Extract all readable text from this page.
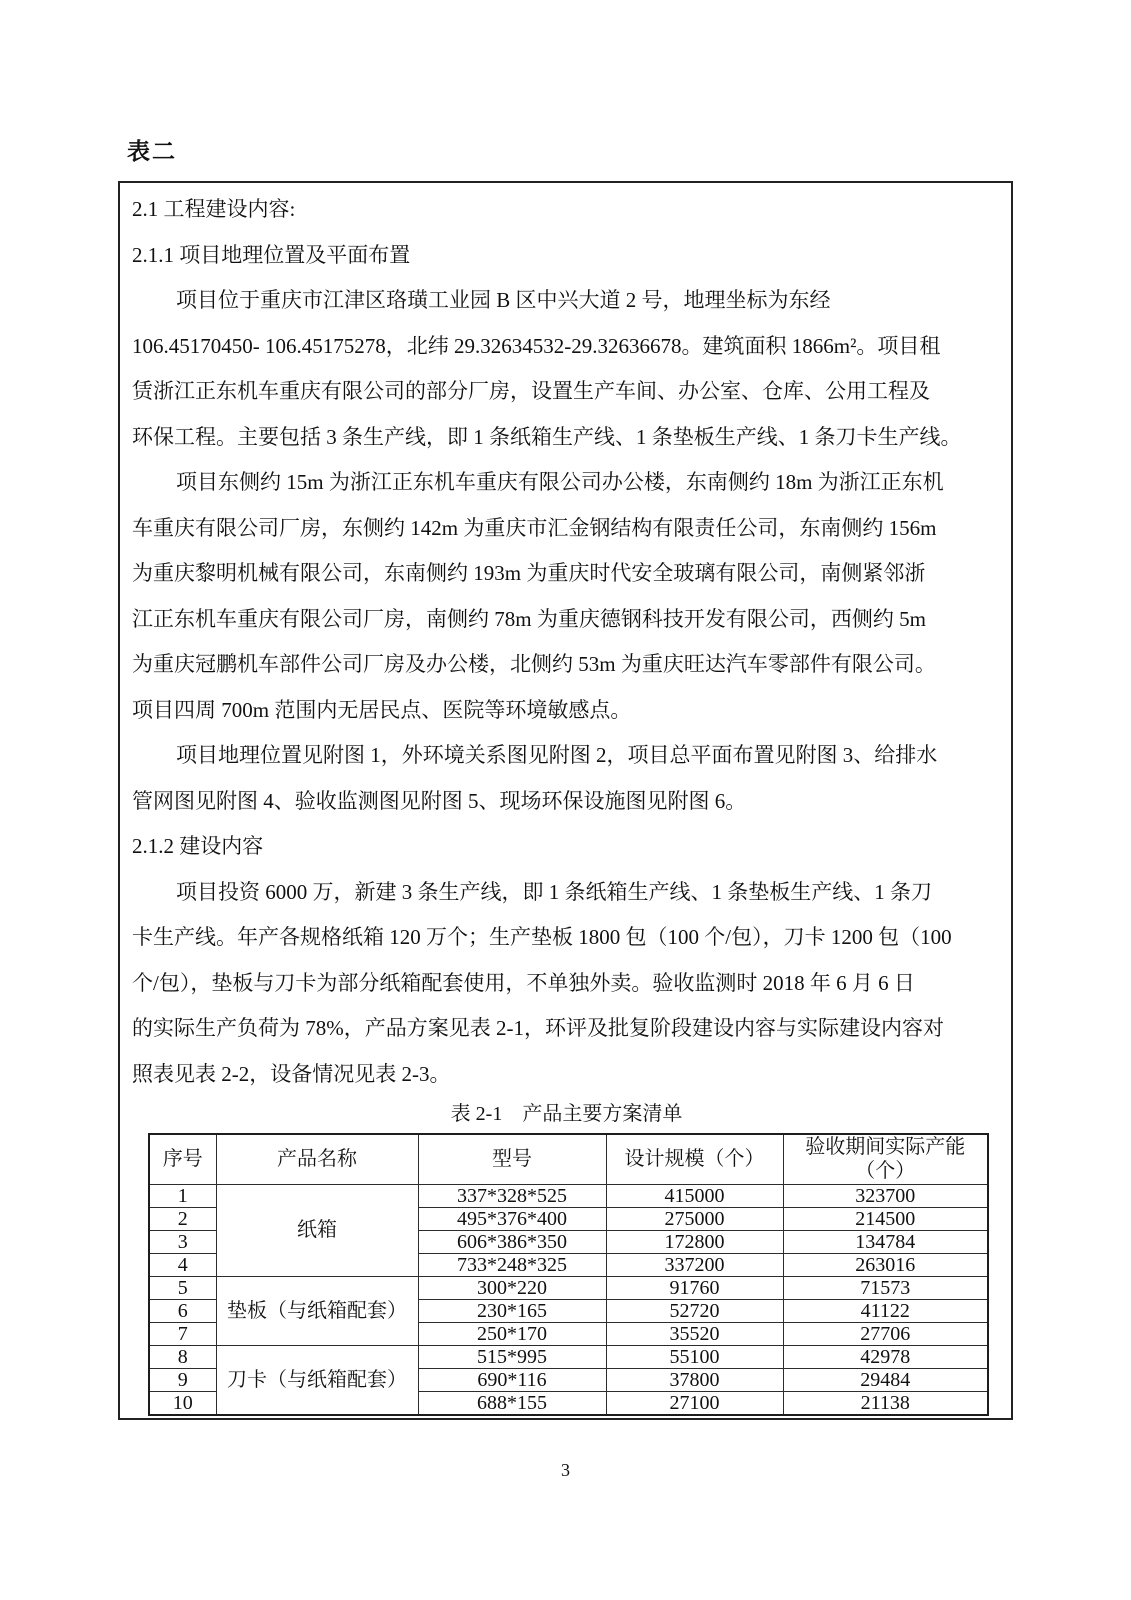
表二
2.1 工程建设内容:
2.1.1 项目地理位置及平面布置
项目位于重庆市江津区珞璜工业园 B 区中兴大道 2 号，地理坐标为东经
106.45170450- 106.45175278，北纬 29.32634532-29.32636678。建筑面积 1866m²。项目租
赁浙江正东机车重庆有限公司的部分厂房，设置生产车间、办公室、仓库、公用工程及
环保工程。主要包括 3 条生产线，即 1 条纸箱生产线、1 条垫板生产线、1 条刀卡生产线。
项目东侧约 15m 为浙江正东机车重庆有限公司办公楼，东南侧约 18m 为浙江正东机
车重庆有限公司厂房，东侧约 142m 为重庆市汇金钢结构有限责任公司，东南侧约 156m
为重庆黎明机械有限公司，东南侧约 193m 为重庆时代安全玻璃有限公司，南侧紧邻浙
江正东机车重庆有限公司厂房，南侧约 78m 为重庆德钢科技开发有限公司，西侧约 5m
为重庆冠鹏机车部件公司厂房及办公楼，北侧约 53m 为重庆旺达汽车零部件有限公司。
项目四周 700m 范围内无居民点、医院等环境敏感点。
项目地理位置见附图 1，外环境关系图见附图 2，项目总平面布置见附图 3、给排水
管网图见附图 4、验收监测图见附图 5、现场环保设施图见附图 6。
2.1.2 建设内容
项目投资 6000 万，新建 3 条生产线，即 1 条纸箱生产线、1 条垫板生产线、1 条刀
卡生产线。年产各规格纸箱 120 万个；生产垫板 1800 包（100 个/包），刀卡 1200 包（100
个/包），垫板与刀卡为部分纸箱配套使用，不单独外卖。验收监测时 2018 年 6 月 6 日
的实际生产负荷为 78%，产品方案见表 2-1，环评及批复阶段建设内容与实际建设内容对
照表见表 2-2，设备情况见表 2-3。
表 2-1　产品主要方案清单
序号	产品名称	型号	设计规模（个）	验收期间实际产能（个）
1	纸箱	337*328*525	415000	323700
2		495*376*400	275000	214500
3		606*386*350	172800	134784
4		733*248*325	337200	263016
5	垫板（与纸箱配套）	300*220	91760	71573
6		230*165	52720	41122
7		250*170	35520	27706
8	刀卡（与纸箱配套）	515*995	55100	42978
9		690*116	37800	29484
10		688*155	27100	21138
3
